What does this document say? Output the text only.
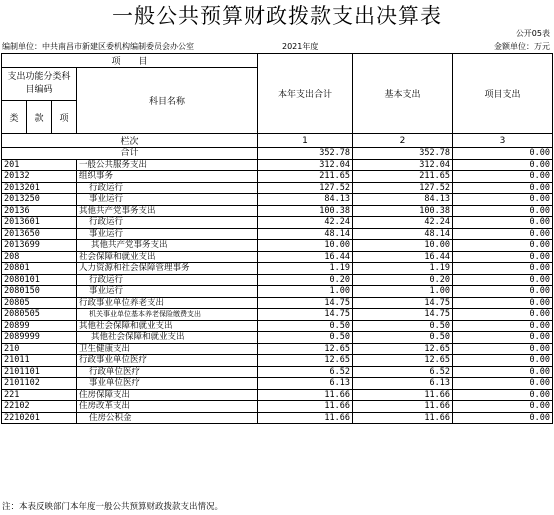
一般公共预算财政拨款支出决算表
公开05表
编制单位：中共南昌市新建区委机构编制委员会办公室	2021年度	金额单位：万元
项　　目				本年支出合计	基本支出	项目支出
支出功能分类科目编码			科目名称			
类	款	项				
栏次				1	2	3
合计				352.78	352.78	0.00
201			一般公共服务支出	312.04	312.04	0.00
20132			组织事务	211.65	211.65	0.00
2013201			行政运行	127.52	127.52	0.00
2013250			事业运行	84.13	84.13	0.00
20136			其他共产党事务支出	100.38	100.38	0.00
2013601			行政运行	42.24	42.24	0.00
2013650			事业运行	48.14	48.14	0.00
2013699			其他共产党事务支出	10.00	10.00	0.00
208			社会保障和就业支出	16.44	16.44	0.00
20801			人力资源和社会保障管理事务	1.19	1.19	0.00
2080101			行政运行	0.20	0.20	0.00
2080150			事业运行	1.00	1.00	0.00
20805			行政事业单位养老支出	14.75	14.75	0.00
2080505			机关事业单位基本养老保险缴费支出	14.75	14.75	0.00
20899			其他社会保障和就业支出	0.50	0.50	0.00
2089999			其他社会保障和就业支出	0.50	0.50	0.00
210			卫生健康支出	12.65	12.65	0.00
21011			行政事业单位医疗	12.65	12.65	0.00
2101101			行政单位医疗	6.52	6.52	0.00
2101102			事业单位医疗	6.13	6.13	0.00
221			住房保障支出	11.66	11.66	0.00
22102			住房改革支出	11.66	11.66	0.00
2210201			住房公积金	11.66	11.66	0.00
注：本表反映部门本年度一般公共预算财政拨款支出情况。
